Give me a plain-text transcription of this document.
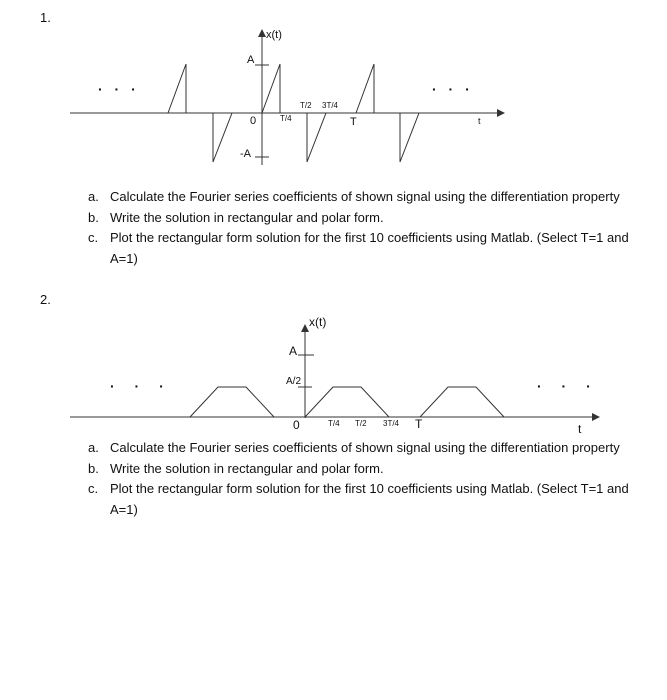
1.
x(t)
A
-A
0	T/4
T/2 3T/4
T	t
· · ·	· · ·
x(t)
A
A/2
0	T/4 T/2 3T/4 T	t
· · ·	· · ·
a. Calculate the Fourier series coefficients of shown signal using the differentiation property
b. Write the solution in rectangular and polar form.
c. Plot the rectangular form solution for the first 10 coefficients using Matlab. (Select T=1 and A=1)
2.
a. Calculate the Fourier series coefficients of shown signal using the differentiation property
b. Write the solution in rectangular and polar form.
c. Plot the rectangular form solution for the first 10 coefficients using Matlab. (Select T=1 and A=1)
